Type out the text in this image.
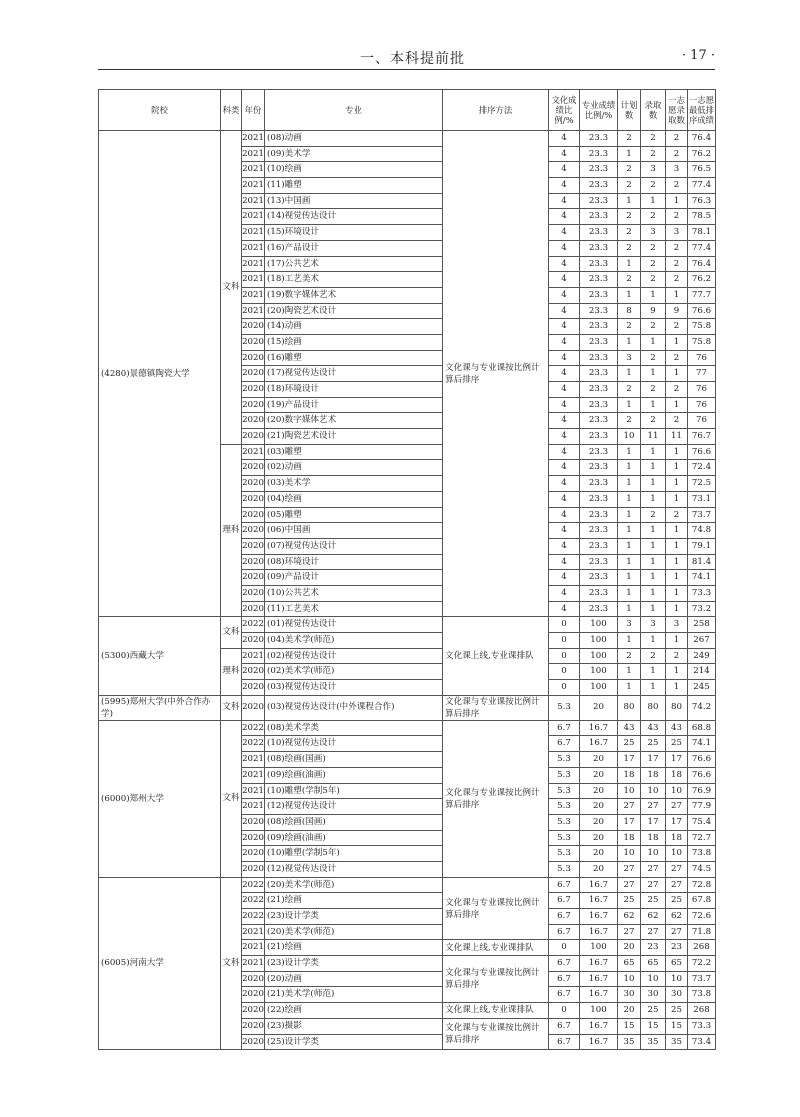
一、本科提前批	· 17 ·
院校	科类	年份	专业	排序方法	文化成绩比例/%	专业成绩比例/%	计划数	录取数	一志愿录取数	一志愿最低排序成绩
(4280)景德镇陶瓷大学	文科	2021	(08)动画	文化课与专业课按比例计算后排序	4	23.3	2	2	2	76.4
		2021	(09)美术学		4	23.3	1	2	2	76.2
		2021	(10)绘画		4	23.3	2	3	3	76.5
		2021	(11)雕塑		4	23.3	2	2	2	77.4
		2021	(13)中国画		4	23.3	1	1	1	76.3
		2021	(14)视觉传达设计		4	23.3	2	2	2	78.5
		2021	(15)环境设计		4	23.3	2	3	3	78.1
		2021	(16)产品设计		4	23.3	2	2	2	77.4
		2021	(17)公共艺术		4	23.3	1	2	2	76.4
		2021	(18)工艺美术		4	23.3	2	2	2	76.2
		2021	(19)数字媒体艺术		4	23.3	1	1	1	77.7
		2021	(20)陶瓷艺术设计		4	23.3	8	9	9	76.6
		2020	(14)动画		4	23.3	2	2	2	75.8
		2020	(15)绘画		4	23.3	1	1	1	75.8
		2020	(16)雕塑		4	23.3	3	2	2	76
		2020	(17)视觉传达设计		4	23.3	1	1	1	77
		2020	(18)环境设计		4	23.3	2	2	2	76
		2020	(19)产品设计		4	23.3	1	1	1	76
		2020	(20)数字媒体艺术		4	23.3	2	2	2	76
		2020	(21)陶瓷艺术设计		4	23.3	10	11	11	76.7
	理科	2021	(03)雕塑		4	23.3	1	1	1	76.6
		2020	(02)动画		4	23.3	1	1	1	72.4
		2020	(03)美术学		4	23.3	1	1	1	72.5
		2020	(04)绘画		4	23.3	1	1	1	73.1
		2020	(05)雕塑		4	23.3	1	2	2	73.7
		2020	(06)中国画		4	23.3	1	1	1	74.8
		2020	(07)视觉传达设计		4	23.3	1	1	1	79.1
		2020	(08)环境设计		4	23.3	1	1	1	81.4
		2020	(09)产品设计		4	23.3	1	1	1	74.1
		2020	(10)公共艺术		4	23.3	1	1	1	73.3
		2020	(11)工艺美术		4	23.3	1	1	1	73.2
(5300)西藏大学	文科	2022	(01)视觉传达设计	文化课上线,专业课排队	0	100	3	3	3	258
		2020	(04)美术学(师范)		0	100	1	1	1	267
	理科	2021	(02)视觉传达设计		0	100	2	2	2	249
		2020	(02)美术学(师范)		0	100	1	1	1	214
		2020	(03)视觉传达设计		0	100	1	1	1	245
(5995)郑州大学(中外合作办学)	文科	2020	(03)视觉传达设计(中外课程合作)	文化课与专业课按比例计算后排序	5.3	20	80	80	80	74.2
(6000)郑州大学	文科	2022	(08)美术学类	文化课与专业课按比例计算后排序	6.7	16.7	43	43	43	68.8
		2022	(10)视觉传达设计		6.7	16.7	25	25	25	74.1
		2021	(08)绘画(国画)		5.3	20	17	17	17	76.6
		2021	(09)绘画(油画)		5.3	20	18	18	18	76.6
		2021	(10)雕塑(学制5年)		5.3	20	10	10	10	76.9
		2021	(12)视觉传达设计		5.3	20	27	27	27	77.9
		2020	(08)绘画(国画)		5.3	20	17	17	17	75.4
		2020	(09)绘画(油画)		5.3	20	18	18	18	72.7
		2020	(10)雕塑(学制5年)		5.3	20	10	10	10	73.8
		2020	(12)视觉传达设计		5.3	20	27	27	27	74.5
(6005)河南大学	文科	2022	(20)美术学(师范)	文化课与专业课按比例计算后排序	6.7	16.7	27	27	27	72.8
		2022	(21)绘画		6.7	16.7	25	25	25	67.8
		2022	(23)设计学类		6.7	16.7	62	62	62	72.6
		2021	(20)美术学(师范)		6.7	16.7	27	27	27	71.8
		2021	(21)绘画	文化课上线,专业课排队	0	100	20	23	23	268
		2021	(23)设计学类	文化课与专业课按比例计算后排序	6.7	16.7	65	65	65	72.2
		2020	(20)动画		6.7	16.7	10	10	10	73.7
		2020	(21)美术学(师范)		6.7	16.7	30	30	30	73.8
		2020	(22)绘画	文化课上线,专业课排队	0	100	20	25	25	268
		2020	(23)摄影	文化课与专业课按比例计算后排序	6.7	16.7	15	15	15	73.3
		2020	(25)设计学类		6.7	16.7	35	35	35	73.4
